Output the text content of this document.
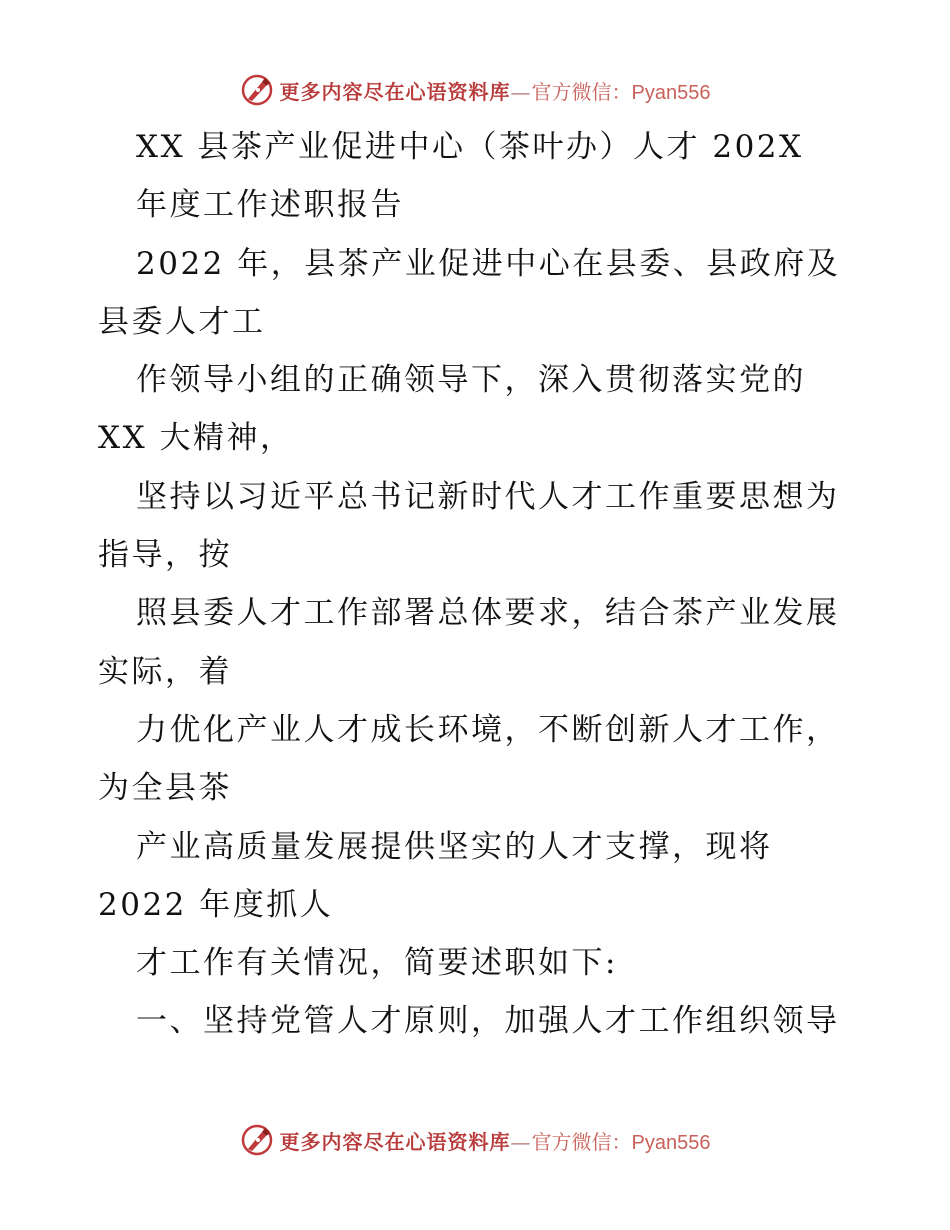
更多内容尽在心语资料库—官方微信：Pyan556
XX 县茶产业促进中心（茶叶办）人才 202X
年度工作述职报告
2022 年，县茶产业促进中心在县委、县政府及
县委人才工
作领导小组的正确领导下，深入贯彻落实党的
XX 大精神，
坚持以习近平总书记新时代人才工作重要思想为
指导，按
照县委人才工作部署总体要求，结合茶产业发展
实际，着
力优化产业人才成长环境，不断创新人才工作，
为全县茶
产业高质量发展提供坚实的人才支撑，现将
2022 年度抓人
才工作有关情况，简要述职如下:
一、坚持党管人才原则，加强人才工作组织领导
更多内容尽在心语资料库—官方微信：Pyan556
